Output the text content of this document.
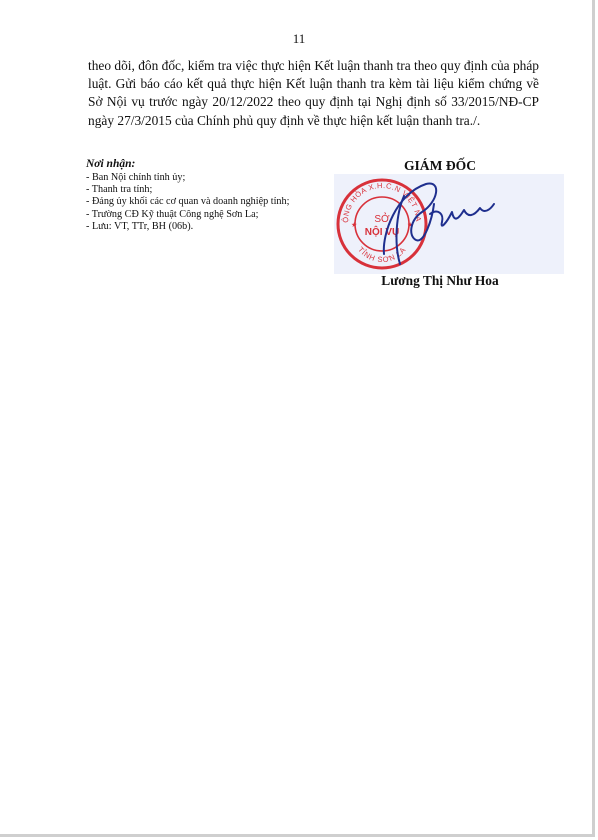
11

theo dõi, đôn đốc, kiểm tra việc thực hiện Kết luận thanh tra theo quy định của pháp luật. Gửi báo cáo kết quả thực hiện Kết luận thanh tra kèm tài liệu kiểm chứng về Sở Nội vụ trước ngày 20/12/2022 theo quy định tại Nghị định số 33/2015/NĐ-CP ngày 27/3/2015 của Chính phủ quy định về thực hiện kết luận thanh tra./.

Nơi nhận:
- Ban Nội chính tỉnh ủy;
- Thanh tra tỉnh;
- Đảng ủy khối các cơ quan và doanh nghiệp tỉnh;
- Trường CĐ Kỹ thuật Công nghệ Sơn La;
- Lưu: VT, TTr, BH (06b).
GIÁM ĐỐC
ỘNG HÒA X.H.C.N VIỆT NA
TỈNH SƠN LA
SỞ
NỘI VỤ
★	★
Lương Thị Như Hoa
